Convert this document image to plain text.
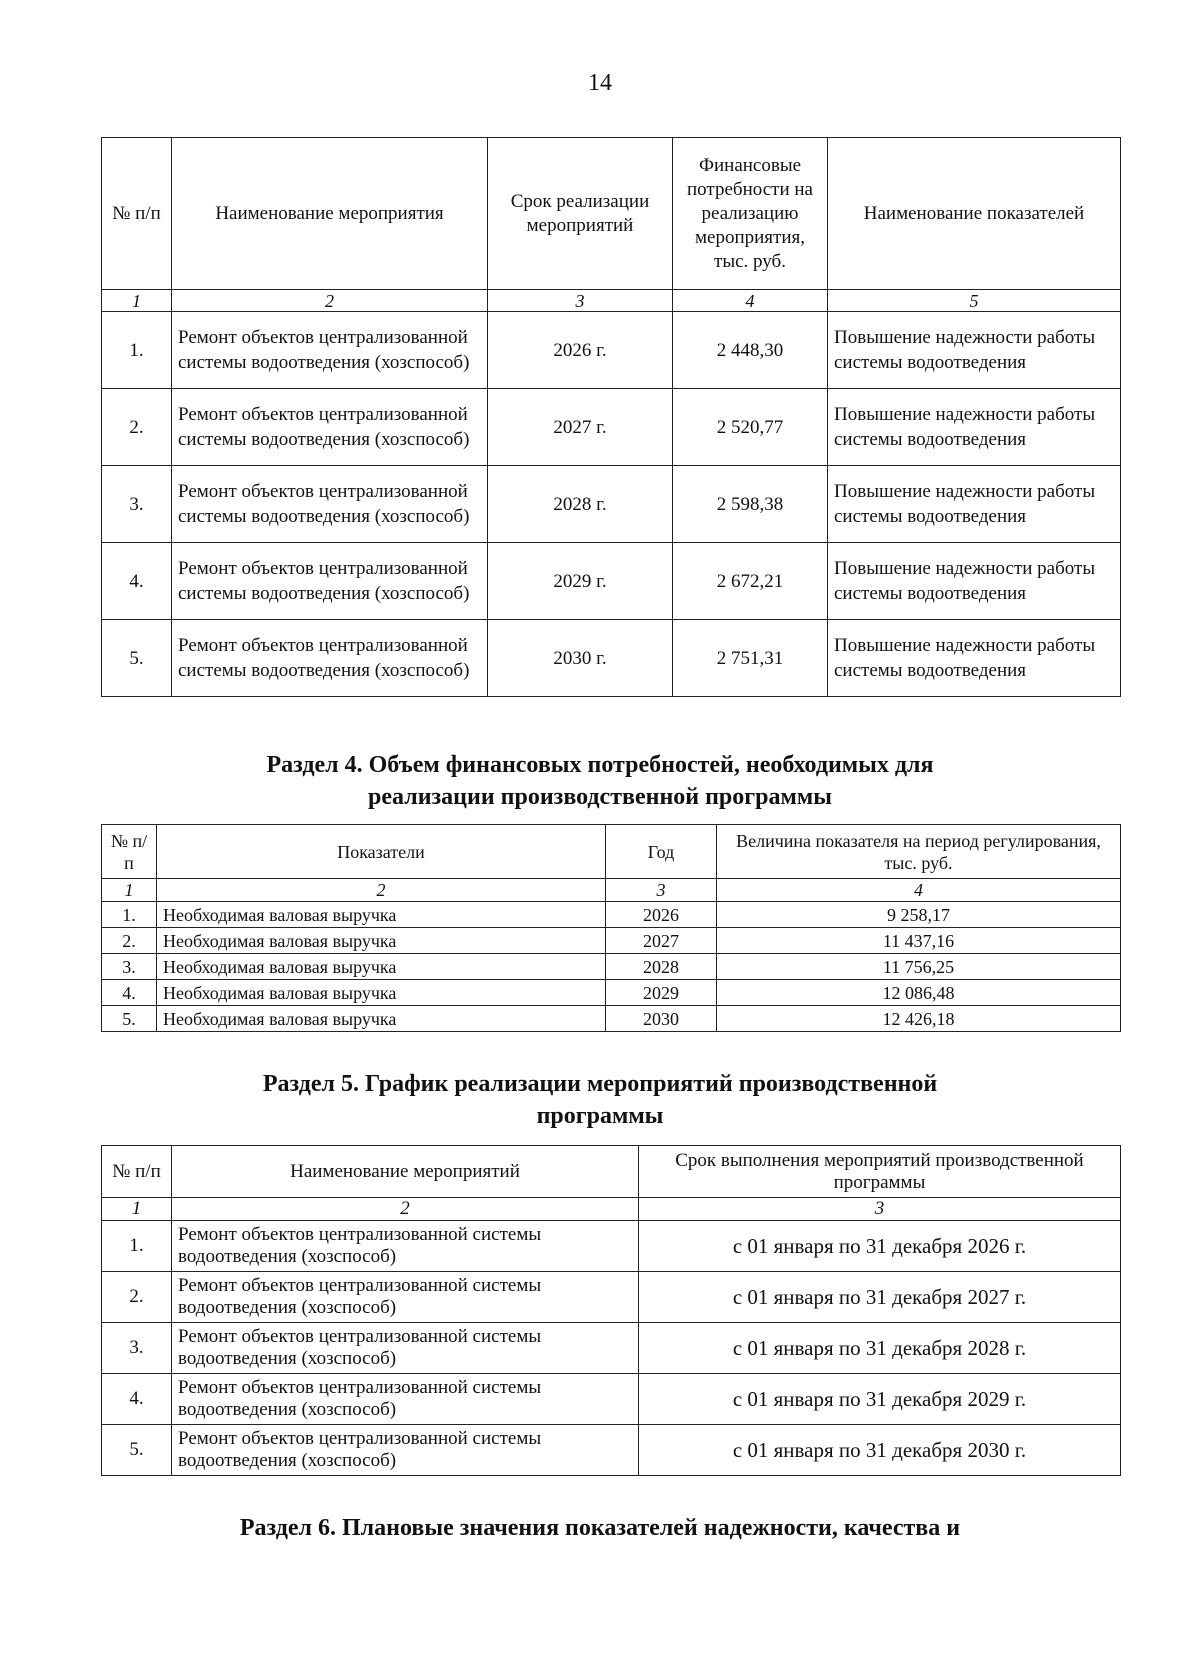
14
№ п/п	Наименование мероприятия	Срок реализации мероприятий	Финансовые потребности на реализацию мероприятия, тыс. руб.	Наименование показателей
1	2	3	4	5
1.	Ремонт объектов централизованной системы водоотведения (хозспособ)	2026 г.	2 448,30	Повышение надежности работы системы водоотведения
2.	Ремонт объектов централизованной системы водоотведения (хозспособ)	2027 г.	2 520,77	Повышение надежности работы системы водоотведения
3.	Ремонт объектов централизованной системы водоотведения (хозспособ)	2028 г.	2 598,38	Повышение надежности работы системы водоотведения
4.	Ремонт объектов централизованной системы водоотведения (хозспособ)	2029 г.	2 672,21	Повышение надежности работы системы водоотведения
5.	Ремонт объектов централизованной системы водоотведения (хозспособ)	2030 г.	2 751,31	Повышение надежности работы системы водоотведения
Раздел 4. Объем финансовых потребностей, необходимых для
реализации производственной программы
№ п/п	Показатели	Год	Величина показателя на период регулирования, тыс. руб.
1	2	3	4
1.	Необходимая валовая выручка	2026	9 258,17
2.	Необходимая валовая выручка	2027	11 437,16
3.	Необходимая валовая выручка	2028	11 756,25
4.	Необходимая валовая выручка	2029	12 086,48
5.	Необходимая валовая выручка	2030	12 426,18
Раздел 5. График реализации мероприятий производственной
программы
№ п/п	Наименование мероприятий	Срок выполнения мероприятий производственной программы
1	2	3
1.	Ремонт объектов централизованной системы водоотведения (хозспособ)	с 01 января по 31 декабря 2026 г.
2.	Ремонт объектов централизованной системы водоотведения (хозспособ)	с 01 января по 31 декабря 2027 г.
3.	Ремонт объектов централизованной системы водоотведения (хозспособ)	с 01 января по 31 декабря 2028 г.
4.	Ремонт объектов централизованной системы водоотведения (хозспособ)	с 01 января по 31 декабря 2029 г.
5.	Ремонт объектов централизованной системы водоотведения (хозспособ)	с 01 января по 31 декабря 2030 г.
Раздел 6. Плановые значения показателей надежности, качества и
